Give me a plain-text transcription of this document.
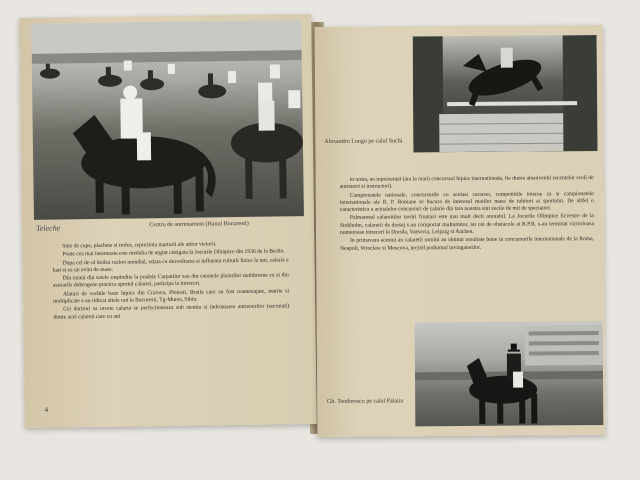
Teleche	Centru de antrenament (Hanul Bucuresti)

Sute de cupe, plachete si trofee, reprezinta marturii ale atitor victorii.

Poate cea mai insemnata este medalia de argint cistigata la Jocurile Olimpice din 1936 de la Berlin.

Dupa cel de-al doilea razboi mondial, odata cu dezvoltarea si influenta culturii fizice la noi, calaria a luat si ea un avint de mase.

Din tarani din satele raspindite la poalele Carpatilor sau din catunele plaiurilor moldovene ca si din asezarile dobrogene practica sportul calariei, participa la intreceri.

Alaturi de vechile baze hipice din Craiova, Ploiesti, Braila care au fost reamenajate, marite si multiplicate s-au ridicat altele noi la Bucuresti, Tg-Mures, Sibiu.

Cei doritori sa invete calaria se perfectioneaza sub atentia si indrumarea antrenorilor (recrutati) dintre acei calareti care cu ani

4
Alexandru Longo pe calul Suchi

in urma, au reprezentat (ara la marii concursuri hipice internationale, fie dintre absolventii recentelor scoli de antrenori si instructori).

Campionatele nationale, concursurile cu acelasi caracter, competitiile interne ca si campionatele internationale ale R. P. Romane se bucura de interesul marilor mase de iubitori ai sportului. De altfel o caracteristica a actualelor concursuri de calarie din tara noastra sint zecile de mii de spectatori.

Palmaresul calareitilor nostri fruntasi este mai mult decit onorabil. La Jocurile Olimpice Ecvestre de la Stokholm, calaretii de dresaj s-au comportat multumitor, iar cei de obstacole ai R.P.R. s-au terminat victorioasa numeroase intreceri la Dresda, Varsovia, Leipzig si Aachen.

In primavara acestui an calaretii romini au obtinut rezultate bune in concursurile internationale de la Roma, Neapoli, Wroclaw si Moscova, urcind podiumul invingatorilor.

Gh. Teodorescu pe calul Palatin
